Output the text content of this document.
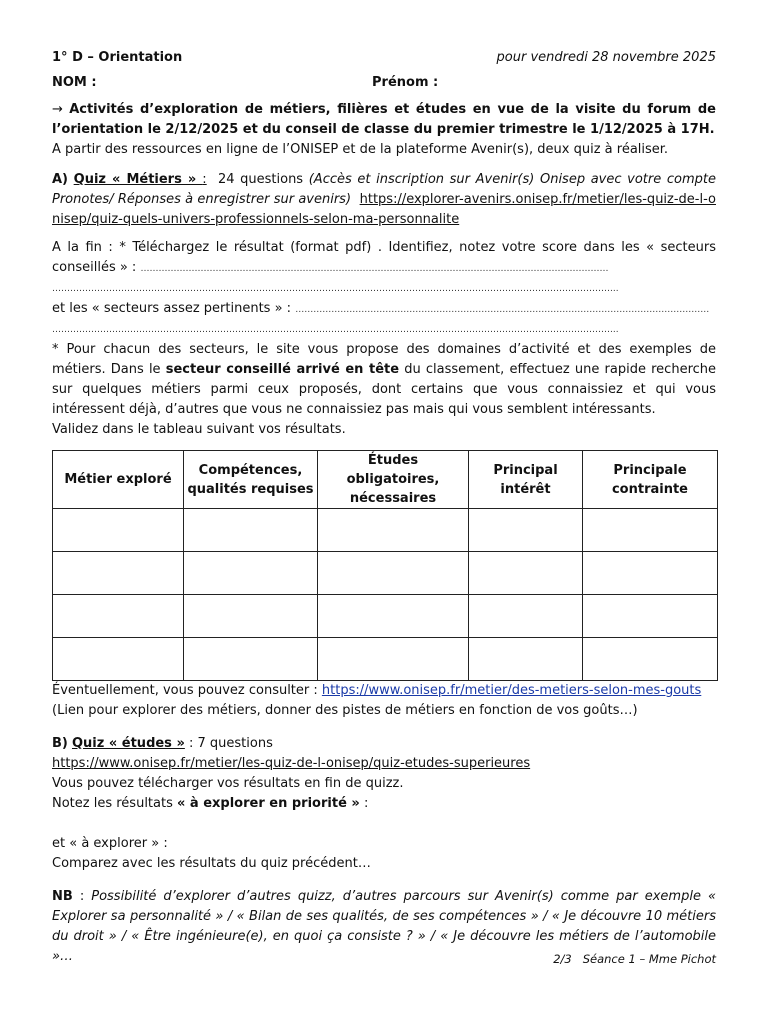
1° D – Orientation	pour vendredi 28 novembre 2025
NOM :	Prénom :

→ Activités d’exploration de métiers, filières et études en vue de la visite du forum de l’orientation le 2/12/2025 et du conseil de classe du premier trimestre le 1/12/2025 à 17H.

A partir des ressources en ligne de l’ONISEP et de la plateforme Avenir(s), deux quiz à réaliser.

A) Quiz « Métiers » : 24 questions (Accès et inscription sur Avenir(s) Onisep avec votre compte Pronotes/ Réponses à enregistrer sur avenirs) https://explorer-avenirs.onisep.fr/metier/les-quiz-de-l-onisep/quiz-quels-univers-professionnels-selon-ma-personnalite

A la fin : * Téléchargez le résultat (format pdf) . Identifiez, notez votre score dans les « secteurs conseillés » : …………………………………………………………………………………………………………………………………………

……………………………………………………………………………………………………………………………………………………………………...

et les « secteurs assez pertinents » : …………………………………………………………………………………………………………………………

……………………………………………………………………………………………………………………………………………………………………...

* Pour chacun des secteurs, le site vous propose des domaines d’activité et des exemples de métiers. Dans le secteur conseillé arrivé en tête du classement, effectuez une rapide recherche sur quelques métiers parmi ceux proposés, dont certains que vous connaissiez et qui vous intéressent déjà, d’autres que vous ne connaissiez pas mais qui vous semblent intéressants.

Validez dans le tableau suivant vos résultats.

Métier exploré	Compétences, qualités requises	Études obligatoires, nécessaires	Principal intérêt	Principale contrainte

Éventuellement, vous pouvez consulter : https://www.onisep.fr/metier/des-metiers-selon-mes-gouts

(Lien pour explorer des métiers, donner des pistes de métiers en fonction de vos goûts…)

B) Quiz « études » : 7 questions

https://www.onisep.fr/metier/les-quiz-de-l-onisep/quiz-etudes-superieures

Vous pouvez télécharger vos résultats en fin de quizz.

Notez les résultats « à explorer en priorité » :

et « à explorer » :

Comparez avec les résultats du quiz précédent…

NB : Possibilité d’explorer d’autres quizz, d’autres parcours sur Avenir(s) comme par exemple « Explorer sa personnalité » / « Bilan de ses qualités, de ses compétences » / « Je découvre 10 métiers du droit » / « Être ingénieure(e), en quoi ça consiste ? » / « Je découvre les métiers de l’automobile »…	2/3 Séance 1 – Mme Pichot
